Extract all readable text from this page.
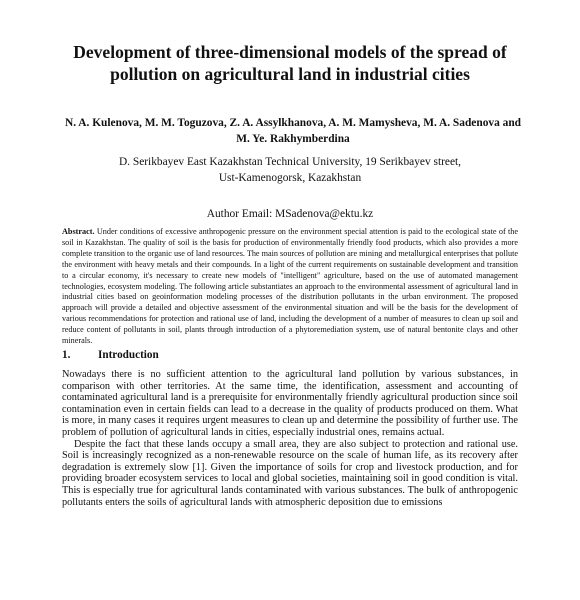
Development of three-dimensional models of the spread of pollution on agricultural land in industrial cities
N. A. Kulenova, M. M. Toguzova, Z. A. Assylkhanova, A. M. Mamysheva, M. A. Sadenova and M. Ye. Rakhymberdina
D. Serikbayev East Kazakhstan Technical University, 19 Serikbayev street,
Ust-Kamenogorsk, Kazakhstan
Author Email: MSadenova@ektu.kz

Abstract. Under conditions of excessive anthropogenic pressure on the environment special attention is paid to the ecological state of the soil in Kazakhstan. The quality of soil is the basis for production of environmentally friendly food products, which also provides a more complete transition to the organic use of land resources. The main sources of pollution are mining and metallurgical enterprises that pollute the environment with heavy metals and their compounds. In a light of the current requirements on sustainable development and transition to a circular economy, it's necessary to create new models of "intelligent" agriculture, based on the use of automated management technologies, ecosystem modeling. The following article substantiates an approach to the environmental assessment of agricultural land in industrial cities based on geoinformation modeling processes of the distribution pollutants in the urban environment. The proposed approach will provide a detailed and objective assessment of the environmental situation and will be the basis for the development of various recommendations for protection and rational use of land, including the development of a number of measures to clean up soil and reduce content of pollutants in soil, plants through introduction of a phytoremediation system, use of natural bentonite clays and other minerals.

1. Introduction

Nowadays there is no sufficient attention to the agricultural land pollution by various substances, in comparison with other territories. At the same time, the identification, assessment and accounting of contaminated agricultural land is a prerequisite for environmentally friendly agricultural production since soil contamination even in certain fields can lead to a decrease in the quality of products produced on them. What is more, in many cases it requires urgent measures to clean up and determine the possibility of further use. The problem of pollution of agricultural lands in cities, especially industrial ones, remains actual.

Despite the fact that these lands occupy a small area, they are also subject to protection and rational use. Soil is increasingly recognized as a non-renewable resource on the scale of human life, as its recovery after degradation is extremely slow [1]. Given the importance of soils for crop and livestock production, and for providing broader ecosystem services to local and global societies, maintaining soil in good condition is vital. This is especially true for agricultural lands contaminated with various substances. The bulk of anthropogenic pollutants enters the soils of agricultural lands with atmospheric deposition due to emissions
